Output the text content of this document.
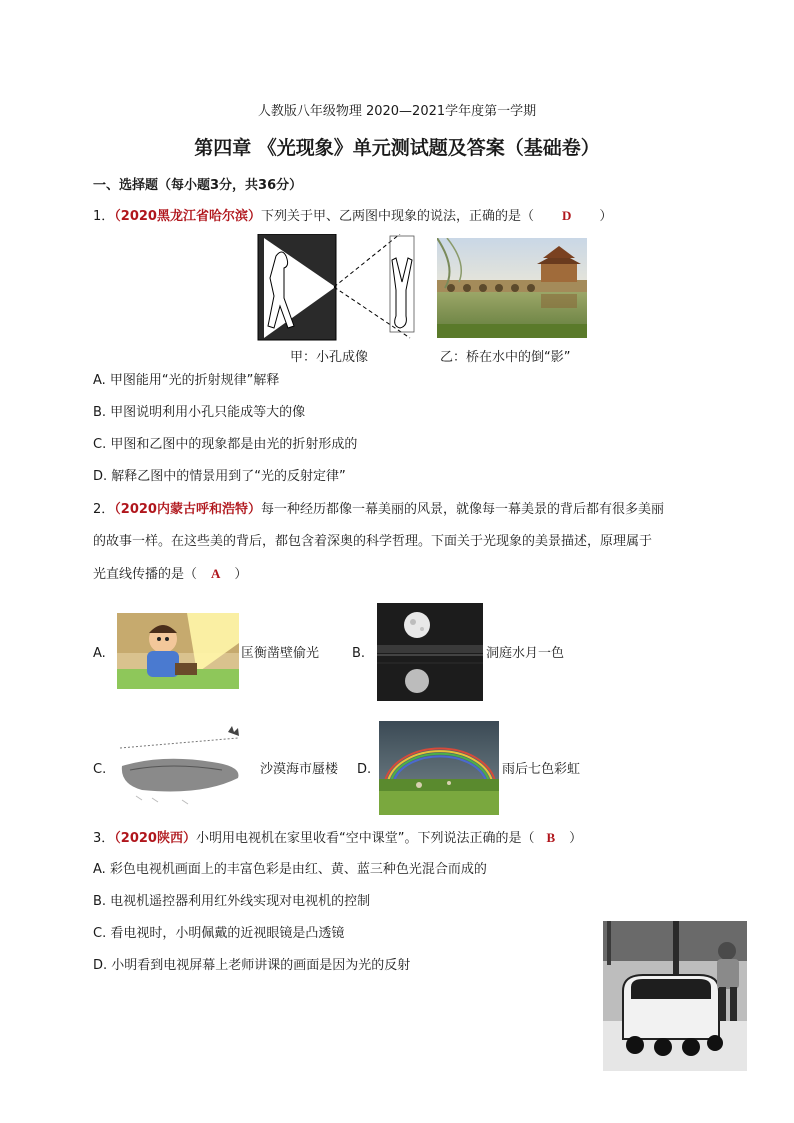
人教版八年级物理 2020—2021学年度第一学期
第四章 《光现象》单元测试题及答案（基础卷）
一、选择题（每小题3分，共36分）
1．（2020黑龙江省哈尔滨）下列关于甲、乙两图中现象的说法，正确的是（ D ）
甲：小孔成像	乙：桥在水中的倒“影”
A. 甲图能用“光的折射规律”解释
B. 甲图说明利用小孔只能成等大的像
C. 甲图和乙图中的现象都是由光的折射形成的
D. 解释乙图中的情景用到了“光的反射定律”
2．（2020内蒙古呼和浩特）每一种经历都像一幕美丽的风景，就像每一幕美景的背后都有很多美丽
的故事一样。在这些美的背后，都包含着深奥的科学哲理。下面关于光现象的美景描述，原理属于
光直线传播的是（ A ）
A.	匡衡凿壁偷光	B.	洞庭水月一色
C.	沙漠海市蜃楼 D.	雨后七色彩虹
3．（2020陕西）小明用电视机在家里收看“空中课堂”。下列说法正确的是（ B ）
A. 彩色电视机画面上的丰富色彩是由红、黄、蓝三种色光混合而成的
B. 电视机遥控器利用红外线实现对电视机的控制
C. 看电视时，小明佩戴的近视眼镜是凸透镜
D. 小明看到电视屏幕上老师讲课的画面是因为光的反射
